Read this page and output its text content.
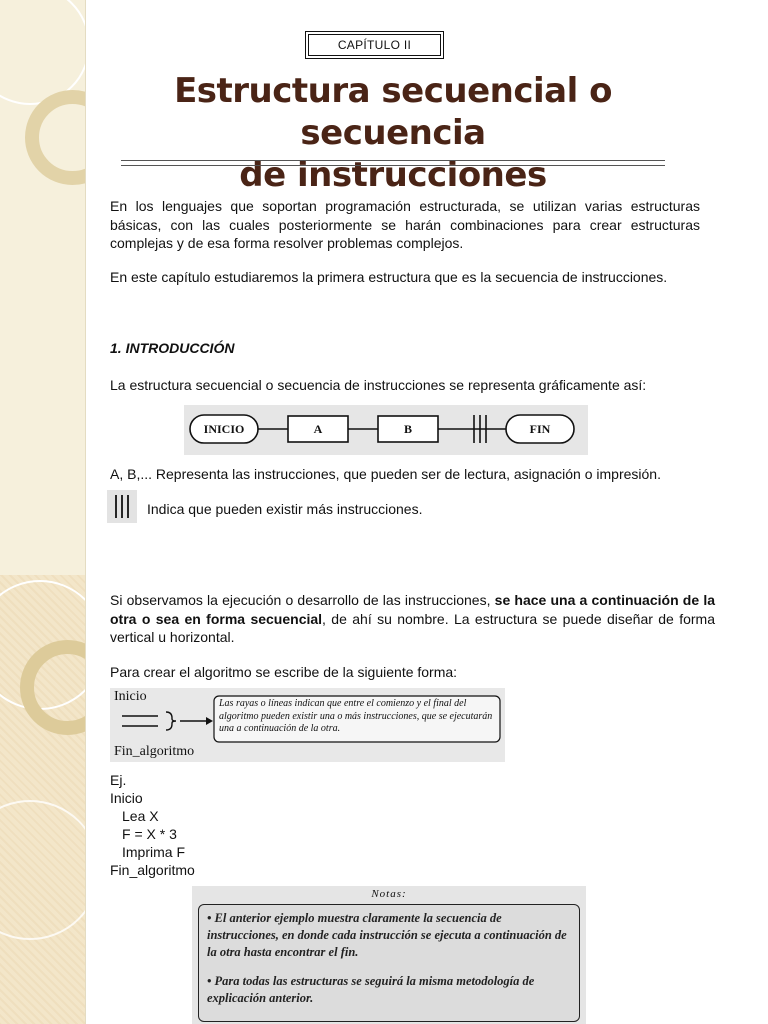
CAPÍTULO II
Estructura secuencial o secuencia
de instrucciones
En los lenguajes que soportan programación estructurada, se utilizan varias estructuras básicas, con las cuales posteriormente se harán combinaciones para crear estructuras complejas y de esa forma resolver problemas complejos.
En este capítulo estudiaremos la primera estructura que es la secuencia de instrucciones.
1. INTRODUCCIÓN
La estructura secuencial o secuencia de instrucciones se representa gráficamente así:
INICIO	A	B	FIN
A, B,... Representa las instrucciones, que pueden ser de lectura, asignación o impresión.
Indica que pueden existir más instrucciones.
Si observamos la ejecución o desarrollo de las instrucciones, se hace una a continuación de la otra o sea en forma secuencial, de ahí su nombre. La estructura se puede diseñar de forma vertical u horizontal.
Para crear el algoritmo se escribe de la siguiente forma:
Inicio	Las rayas o líneas indican que entre el comienzo y el final del algoritmo pueden existir una o más instrucciones, que se ejecutarán una a continuación de la otra.
Fin_algoritmo
Ej.
Inicio
Lea X
F = X * 3
Imprima F
Fin_algoritmo
Notas:
• El anterior ejemplo muestra claramente la secuencia de instrucciones, en donde cada instrucción se ejecuta a continuación de la otra hasta encontrar el fin.
• Para todas las estructuras se seguirá la misma metodología de explicación anterior.
